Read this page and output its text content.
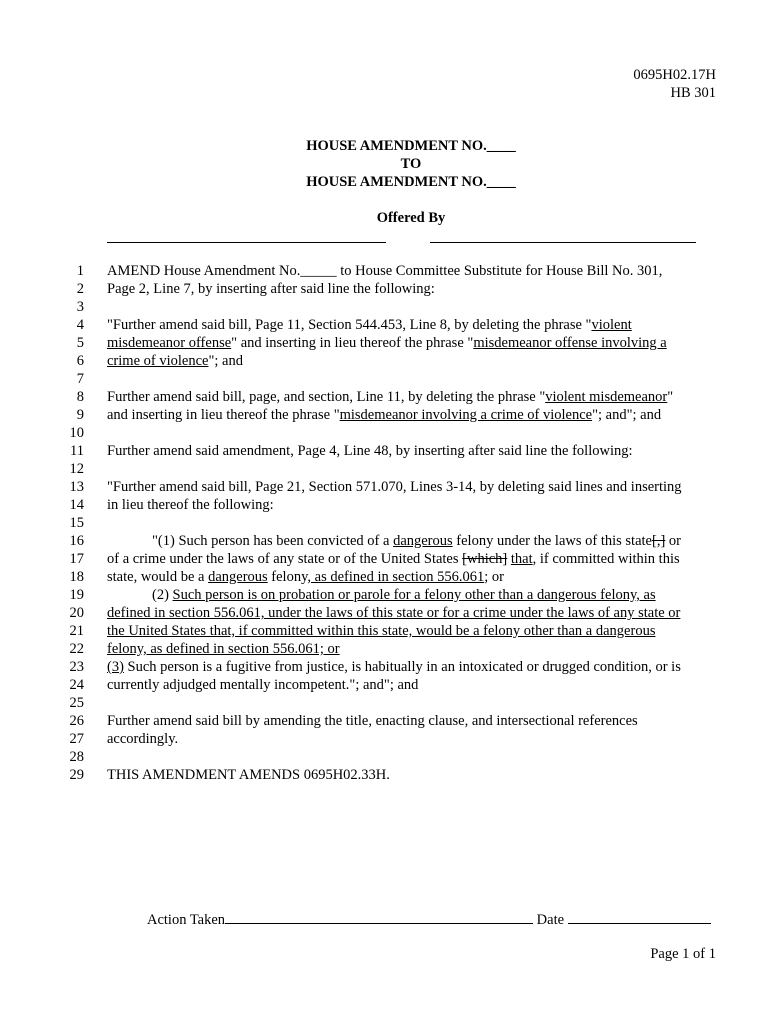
0695H02.17H
HB 301
HOUSE AMENDMENT NO.____
TO
HOUSE AMENDMENT NO.____
Offered By
1
2
3
4
5
6
7
8
9
10
11
12
13
14
15
16
17
18
19
20
21
22
23
24
25
26
27
28
29
AMEND House Amendment No._____ to House Committee Substitute for House Bill No. 301,
Page 2, Line 7, by inserting after said line the following:
"Further amend said bill, Page 11, Section 544.453, Line 8, by deleting the phrase "violent
misdemeanor offense" and inserting in lieu thereof the phrase "misdemeanor offense involving a
crime of violence"; and
Further amend said bill, page, and section, Line 11, by deleting the phrase "violent misdemeanor"
and inserting in lieu thereof the phrase "misdemeanor involving a crime of violence"; and"; and
Further amend said amendment, Page 4, Line 48, by inserting after said line the following:
"Further amend said bill, Page 21, Section 571.070, Lines 3-14, by deleting said lines and inserting
in lieu thereof the following:
"(1) Such person has been convicted of a dangerous felony under the laws of this state[,] or
of a crime under the laws of any state or of the United States [which] that, if committed within this
state, would be a dangerous felony, as defined in section 556.061; or
(2) Such person is on probation or parole for a felony other than a dangerous felony, as
defined in section 556.061, under the laws of this state or for a crime under the laws of any state or
the United States that, if committed within this state, would be a felony other than a dangerous
felony, as defined in section 556.061; or
(3) Such person is a fugitive from justice, is habitually in an intoxicated or drugged condition, or is
currently adjudged mentally incompetent."; and"; and
Further amend said bill by amending the title, enacting clause, and intersectional references
accordingly.
THIS AMENDMENT AMENDS 0695H02.33H.
Action Taken	Date
Page 1 of 1
